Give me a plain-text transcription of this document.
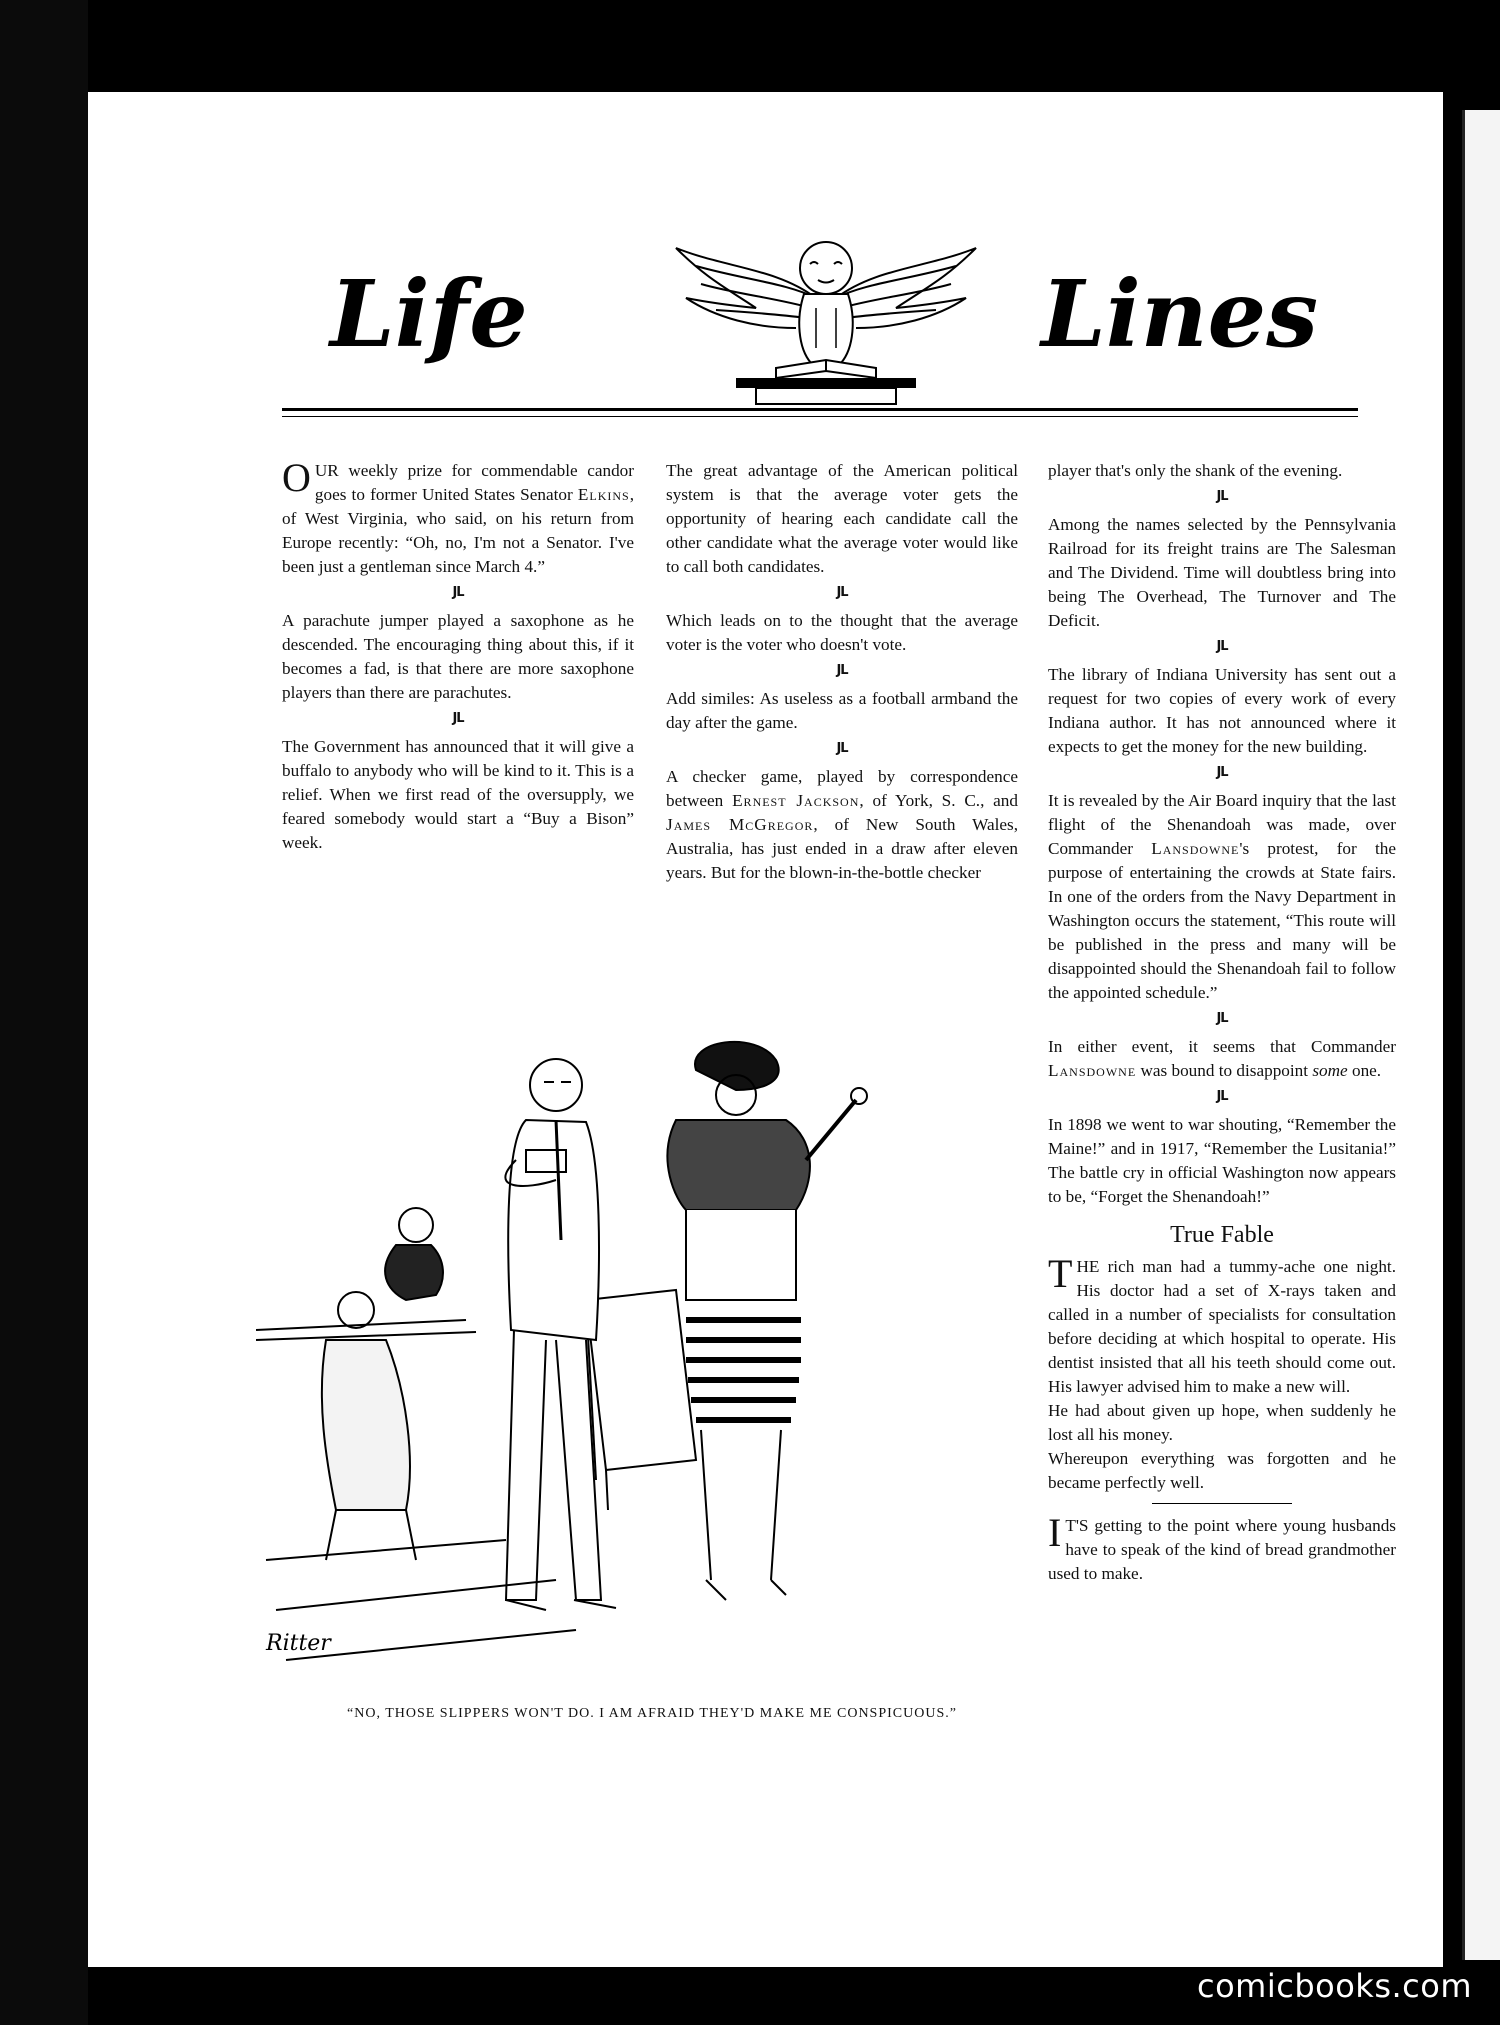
Life	Lines

OUR weekly prize for commendable candor goes to former United States Senator Elkins, of West Virginia, who said, on his return from Europe recently: “Oh, no, I'm not a Senator. I've been just a gentleman since March 4.”

JL

A parachute jumper played a saxophone as he descended. The encouraging thing about this, if it becomes a fad, is that there are more saxophone players than there are parachutes.

JL

The Government has announced that it will give a buffalo to anybody who will be kind to it. This is a relief. When we first read of the oversupply, we feared somebody would start a “Buy a Bison” week.

The great advantage of the American political system is that the average voter gets the opportunity of hearing each candidate call the other candidate what the average voter would like to call both candidates.

JL

Which leads on to the thought that the average voter is the voter who doesn't vote.

JL

Add similes: As useless as a football armband the day after the game.

JL

A checker game, played by correspondence between Ernest Jackson, of York, S. C., and James McGregor, of New South Wales, Australia, has just ended in a draw after eleven years. But for the blown-in-the-bottle checker

player that's only the shank of the evening.

JL

Among the names selected by the Pennsylvania Railroad for its freight trains are The Salesman and The Dividend. Time will doubtless bring into being The Overhead, The Turnover and The Deficit.

JL

The library of Indiana University has sent out a request for two copies of every work of every Indiana author. It has not announced where it expects to get the money for the new building.

JL

It is revealed by the Air Board inquiry that the last flight of the Shenandoah was made, over Commander Lansdowne's protest, for the purpose of entertaining the crowds at State fairs. In one of the orders from the Navy Department in Washington occurs the statement, “This route will be published in the press and many will be disappointed should the Shenandoah fail to follow the appointed schedule.”

JL

In either event, it seems that Commander Lansdowne was bound to disappoint some one.

JL

In 1898 we went to war shouting, “Remember the Maine!” and in 1917, “Remember the Lusitania!” The battle cry in official Washington now appears to be, “Forget the Shenandoah!”

True Fable

THE rich man had a tummy-ache one night. His doctor had a set of X-rays taken and called in a number of specialists for consultation before deciding at which hospital to operate. His dentist insisted that all his teeth should come out. His lawyer advised him to make a new will.

He had about given up hope, when suddenly he lost all his money.

Whereupon everything was forgotten and he became perfectly well.

I T'S getting to the point where young husbands have to speak of the kind of bread grandmother used to make.

Ritter
“NO, THOSE SLIPPERS WON'T DO. I AM AFRAID THEY'D MAKE ME CONSPICUOUS.”
comicbooks.com
